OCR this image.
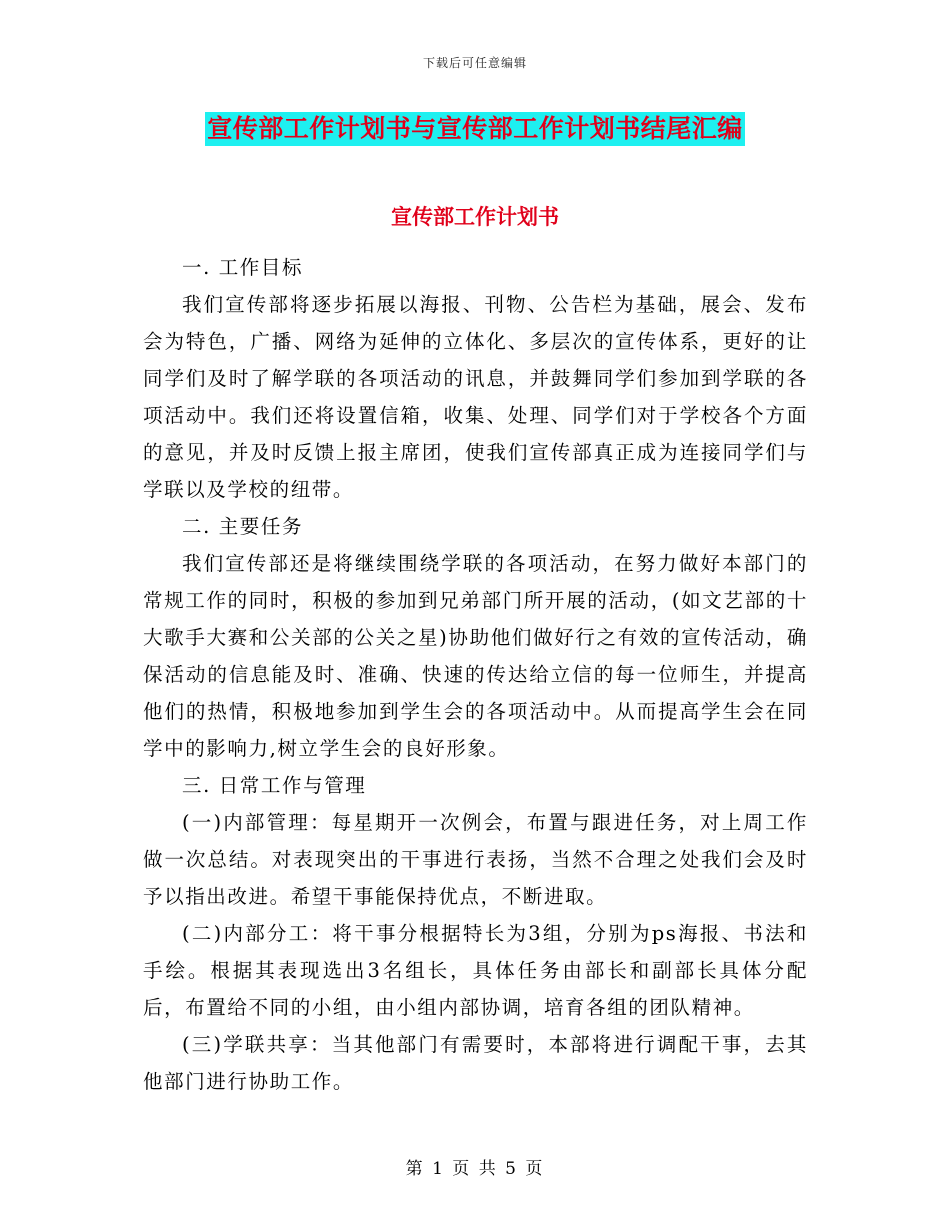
下载后可任意编辑
宣传部工作计划书与宣传部工作计划书结尾汇编
宣传部工作计划书

一. 工作目标

我们宣传部将逐步拓展以海报、刊物、公告栏为基础，展会、发布会为特色，广播、网络为延伸的立体化、多层次的宣传体系，更好的让同学们及时了解学联的各项活动的讯息，并鼓舞同学们参加到学联的各项活动中。我们还将设置信箱，收集、处理、同学们对于学校各个方面的意见，并及时反馈上报主席团，使我们宣传部真正成为连接同学们与学联以及学校的纽带。

二. 主要任务

我们宣传部还是将继续围绕学联的各项活动，在努力做好本部门的常规工作的同时，积极的参加到兄弟部门所开展的活动，(如文艺部的十大歌手大赛和公关部的公关之星)协助他们做好行之有效的宣传活动，确保活动的信息能及时、准确、快速的传达给立信的每一位师生，并提高他们的热情，积极地参加到学生会的各项活动中。从而提高学生会在同学中的影响力,树立学生会的良好形象。

三. 日常工作与管理

(一)内部管理：每星期开一次例会，布置与跟进任务，对上周工作做一次总结。对表现突出的干事进行表扬，当然不合理之处我们会及时予以指出改进。希望干事能保持优点，不断进取。

(二)内部分工：将干事分根据特长为3组，分别为ps海报、书法和手绘。根据其表现选出3名组长，具体任务由部长和副部长具体分配后，布置给不同的小组，由小组内部协调，培育各组的团队精神。

(三)学联共享：当其他部门有需要时，本部将进行调配干事，去其他部门进行协助工作。

第 1 页 共 5 页
